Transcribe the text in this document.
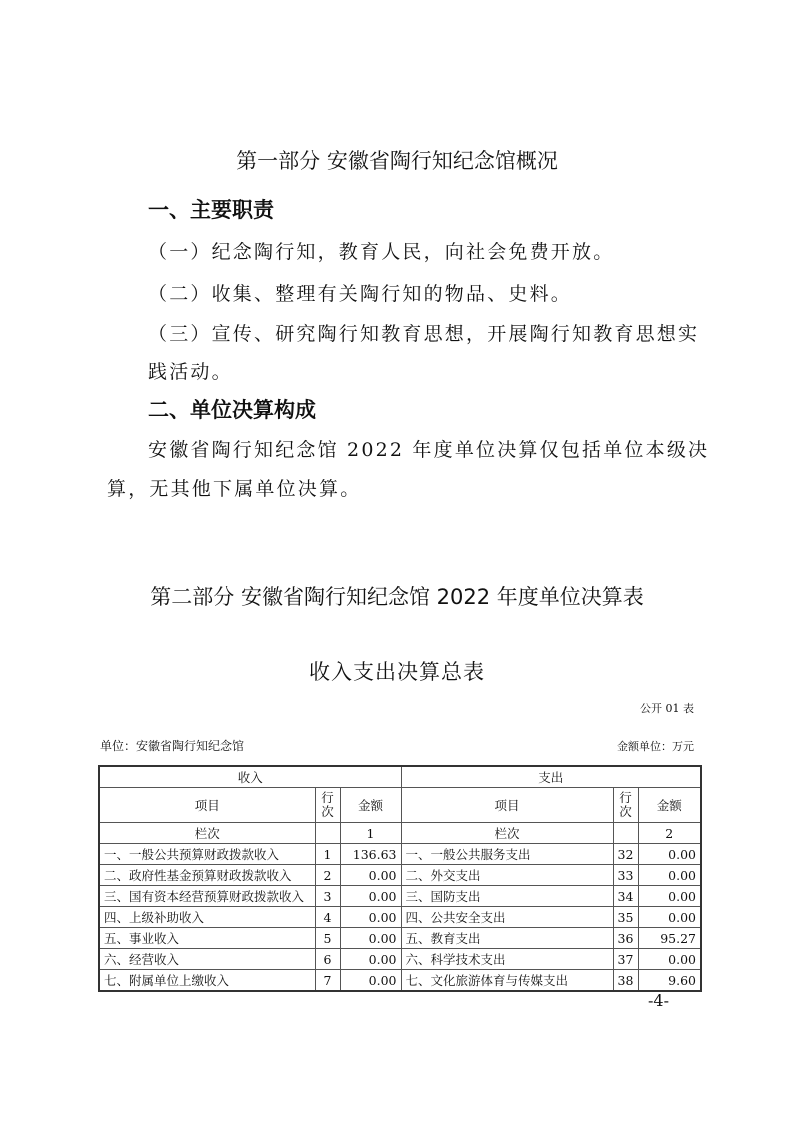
第一部分 安徽省陶行知纪念馆概况
一、主要职责
（一）纪念陶行知，教育人民，向社会免费开放。
（二）收集、整理有关陶行知的物品、史料。
（三）宣传、研究陶行知教育思想，开展陶行知教育思想实
践活动。
二、单位决算构成
安徽省陶行知纪念馆 2022 年度单位决算仅包括单位本级决
算，无其他下属单位决算。
第二部分 安徽省陶行知纪念馆 2022 年度单位决算表
收入支出决算总表
公开 01 表
单位：安徽省陶行知纪念馆	金额单位：万元
收入			支出		
项目	行次	金额	项目	行次	金额
栏次		1	栏次		2
一、一般公共预算财政拨款收入	1	136.63	一、一般公共服务支出	32	0.00
二、政府性基金预算财政拨款收入	2	0.00	二、外交支出	33	0.00
三、国有资本经营预算财政拨款收入	3	0.00	三、国防支出	34	0.00
四、上级补助收入	4	0.00	四、公共安全支出	35	0.00
五、事业收入	5	0.00	五、教育支出	36	95.27
六、经营收入	6	0.00	六、科学技术支出	37	0.00
七、附属单位上缴收入	7	0.00	七、文化旅游体育与传媒支出	38	9.60
-4-
